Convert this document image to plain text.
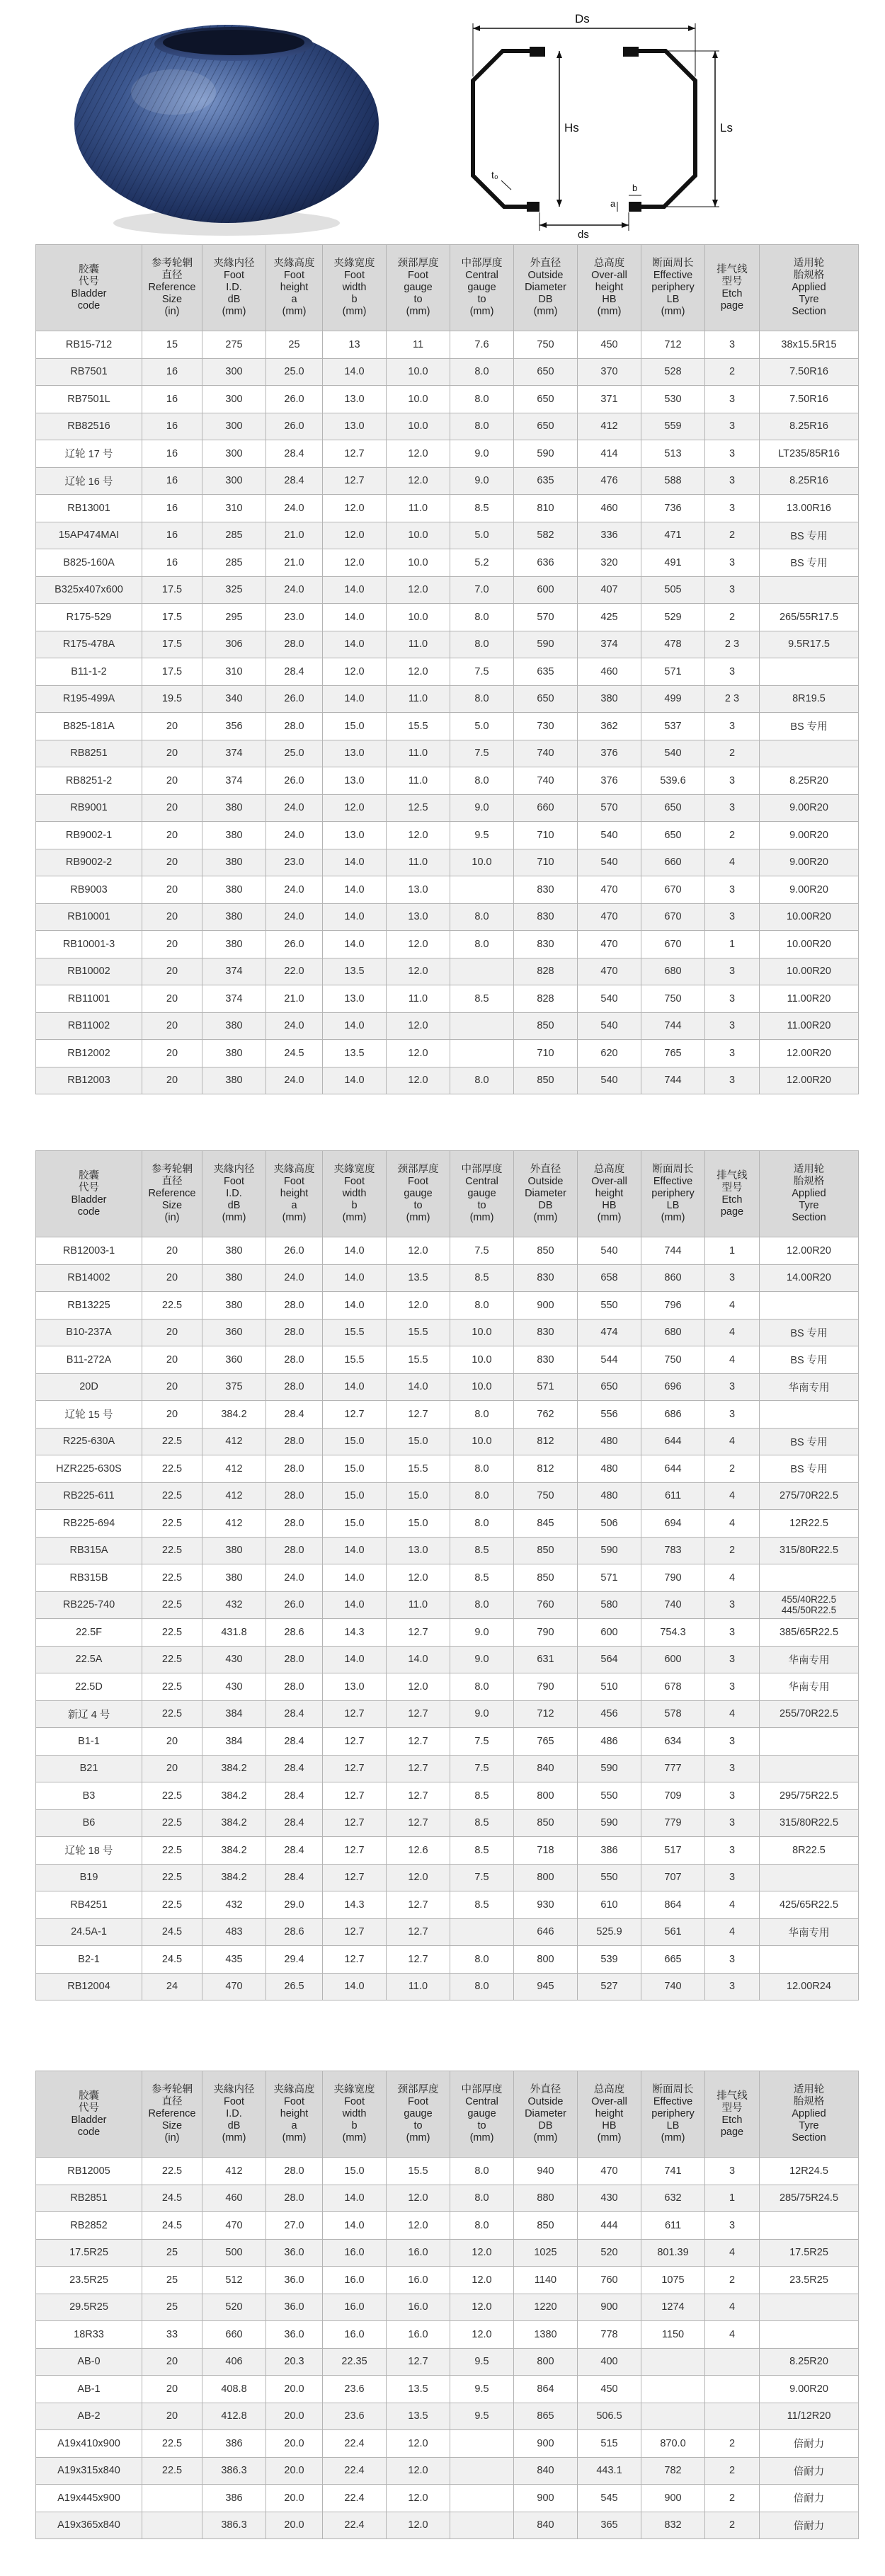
Ds
Hs	Ls
t₀
a
b
ds
胶囊
代号
Bladder
code	参考轮辋
直径
Reference
Size
(in)	夹緣内径
Foot
I.D.
dB
(mm)	夹緣高度
Foot
height
a
(mm)	夹緣宽度
Foot
width
b
(mm)	颈部厚度
Foot
gauge
to
(mm)	中部厚度
Central
gauge
to
(mm)	外直径
Outside
Diameter
DB
(mm)	总高度
Over-all
height
HB
(mm)	断面周长
Effective
periphery
LB
(mm)	排气线
型号
Etch
page	适用轮
胎规格
Applied
Tyre
Section
RB15-712	15	275	25	13	11	7.6	750	450	712	3	38x15.5R15
RB7501	16	300	25.0	14.0	10.0	8.0	650	370	528	2	7.50R16
RB7501L	16	300	26.0	13.0	10.0	8.0	650	371	530	3	7.50R16
RB82516	16	300	26.0	13.0	10.0	8.0	650	412	559	3	8.25R16
辽轮 17 号	16	300	28.4	12.7	12.0	9.0	590	414	513	3	LT235/85R16
辽轮 16 号	16	300	28.4	12.7	12.0	9.0	635	476	588	3	8.25R16
RB13001	16	310	24.0	12.0	11.0	8.5	810	460	736	3	13.00R16
15AP474MAI	16	285	21.0	12.0	10.0	5.0	582	336	471	2	BS 专用
B825-160A	16	285	21.0	12.0	10.0	5.2	636	320	491	3	BS 专用
B325x407x600	17.5	325	24.0	14.0	12.0	7.0	600	407	505	3	
R175-529	17.5	295	23.0	14.0	10.0	8.0	570	425	529	2	265/55R17.5
R175-478A	17.5	306	28.0	14.0	11.0	8.0	590	374	478	2 3	9.5R17.5
B11-1-2	17.5	310	28.4	12.0	12.0	7.5	635	460	571	3	
R195-499A	19.5	340	26.0	14.0	11.0	8.0	650	380	499	2 3	8R19.5
B825-181A	20	356	28.0	15.0	15.5	5.0	730	362	537	3	BS 专用
RB8251	20	374	25.0	13.0	11.0	7.5	740	376	540	2	
RB8251-2	20	374	26.0	13.0	11.0	8.0	740	376	539.6	3	8.25R20
RB9001	20	380	24.0	12.0	12.5	9.0	660	570	650	3	9.00R20
RB9002-1	20	380	24.0	13.0	12.0	9.5	710	540	650	2	9.00R20
RB9002-2	20	380	23.0	14.0	11.0	10.0	710	540	660	4	9.00R20
RB9003	20	380	24.0	14.0	13.0		830	470	670	3	9.00R20
RB10001	20	380	24.0	14.0	13.0	8.0	830	470	670	3	10.00R20
RB10001-3	20	380	26.0	14.0	12.0	8.0	830	470	670	1	10.00R20
RB10002	20	374	22.0	13.5	12.0		828	470	680	3	10.00R20
RB11001	20	374	21.0	13.0	11.0	8.5	828	540	750	3	11.00R20
RB11002	20	380	24.0	14.0	12.0		850	540	744	3	11.00R20
RB12002	20	380	24.5	13.5	12.0		710	620	765	3	12.00R20
RB12003	20	380	24.0	14.0	12.0	8.0	850	540	744	3	12.00R20
胶囊
代号
Bladder
code	参考轮辋
直径
Reference
Size
(in)	夹緣内径
Foot
I.D.
dB
(mm)	夹緣高度
Foot
height
a
(mm)	夹緣宽度
Foot
width
b
(mm)	颈部厚度
Foot
gauge
to
(mm)	中部厚度
Central
gauge
to
(mm)	外直径
Outside
Diameter
DB
(mm)	总高度
Over-all
height
HB
(mm)	断面周长
Effective
periphery
LB
(mm)	排气线
型号
Etch
page	适用轮
胎规格
Applied
Tyre
Section
RB12003-1	20	380	26.0	14.0	12.0	7.5	850	540	744	1	12.00R20
RB14002	20	380	24.0	14.0	13.5	8.5	830	658	860	3	14.00R20
RB13225	22.5	380	28.0	14.0	12.0	8.0	900	550	796	4	
B10-237A	20	360	28.0	15.5	15.5	10.0	830	474	680	4	BS 专用
B11-272A	20	360	28.0	15.5	15.5	10.0	830	544	750	4	BS 专用
20D	20	375	28.0	14.0	14.0	10.0	571	650	696	3	华南专用
辽轮 15 号	20	384.2	28.4	12.7	12.7	8.0	762	556	686	3	
R225-630A	22.5	412	28.0	15.0	15.0	10.0	812	480	644	4	BS 专用
HZR225-630S	22.5	412	28.0	15.0	15.5	8.0	812	480	644	2	BS 专用
RB225-611	22.5	412	28.0	15.0	15.0	8.0	750	480	611	4	275/70R22.5
RB225-694	22.5	412	28.0	15.0	15.0	8.0	845	506	694	4	12R22.5
RB315A	22.5	380	28.0	14.0	13.0	8.5	850	590	783	2	315/80R22.5
RB315B	22.5	380	24.0	14.0	12.0	8.5	850	571	790	4	
RB225-740	22.5	432	26.0	14.0	11.0	8.0	760	580	740	3	455/40R22.5
445/50R22.5
22.5F	22.5	431.8	28.6	14.3	12.7	9.0	790	600	754.3	3	385/65R22.5
22.5A	22.5	430	28.0	14.0	14.0	9.0	631	564	600	3	华南专用
22.5D	22.5	430	28.0	13.0	12.0	8.0	790	510	678	3	华南专用
新辽 4 号	22.5	384	28.4	12.7	12.7	9.0	712	456	578	4	255/70R22.5
B1-1	20	384	28.4	12.7	12.7	7.5	765	486	634	3	
B21	20	384.2	28.4	12.7	12.7	7.5	840	590	777	3	
B3	22.5	384.2	28.4	12.7	12.7	8.5	800	550	709	3	295/75R22.5
B6	22.5	384.2	28.4	12.7	12.7	8.5	850	590	779	3	315/80R22.5
辽轮 18 号	22.5	384.2	28.4	12.7	12.6	8.5	718	386	517	3	8R22.5
B19	22.5	384.2	28.4	12.7	12.0	7.5	800	550	707	3	
RB4251	22.5	432	29.0	14.3	12.7	8.5	930	610	864	4	425/65R22.5
24.5A-1	24.5	483	28.6	12.7	12.7		646	525.9	561	4	华南专用
B2-1	24.5	435	29.4	12.7	12.7	8.0	800	539	665	3	
RB12004	24	470	26.5	14.0	11.0	8.0	945	527	740	3	12.00R24
胶囊
代号
Bladder
code	参考轮辋
直径
Reference
Size
(in)	夹緣内径
Foot
I.D.
dB
(mm)	夹緣高度
Foot
height
a
(mm)	夹緣宽度
Foot
width
b
(mm)	颈部厚度
Foot
gauge
to
(mm)	中部厚度
Central
gauge
to
(mm)	外直径
Outside
Diameter
DB
(mm)	总高度
Over-all
height
HB
(mm)	断面周长
Effective
periphery
LB
(mm)	排气线
型号
Etch
page	适用轮
胎规格
Applied
Tyre
Section
RB12005	22.5	412	28.0	15.0	15.5	8.0	940	470	741	3	12R24.5
RB2851	24.5	460	28.0	14.0	12.0	8.0	880	430	632	1	285/75R24.5
RB2852	24.5	470	27.0	14.0	12.0	8.0	850	444	611	3	
17.5R25	25	500	36.0	16.0	16.0	12.0	1025	520	801.39	4	17.5R25
23.5R25	25	512	36.0	16.0	16.0	12.0	1140	760	1075	2	23.5R25
29.5R25	25	520	36.0	16.0	16.0	12.0	1220	900	1274	4	
18R33	33	660	36.0	16.0	16.0	12.0	1380	778	1150	4	
AB-0	20	406	20.3	22.35	12.7	9.5	800	400			8.25R20
AB-1	20	408.8	20.0	23.6	13.5	9.5	864	450			9.00R20
AB-2	20	412.8	20.0	23.6	13.5	9.5	865	506.5			11/12R20
A19x410x900	22.5	386	20.0	22.4	12.0		900	515	870.0	2	倍耐力
A19x315x840	22.5	386.3	20.0	22.4	12.0		840	443.1	782	2	倍耐力
A19x445x900		386	20.0	22.4	12.0		900	545	900	2	倍耐力
A19x365x840		386.3	20.0	22.4	12.0		840	365	832	2	倍耐力
